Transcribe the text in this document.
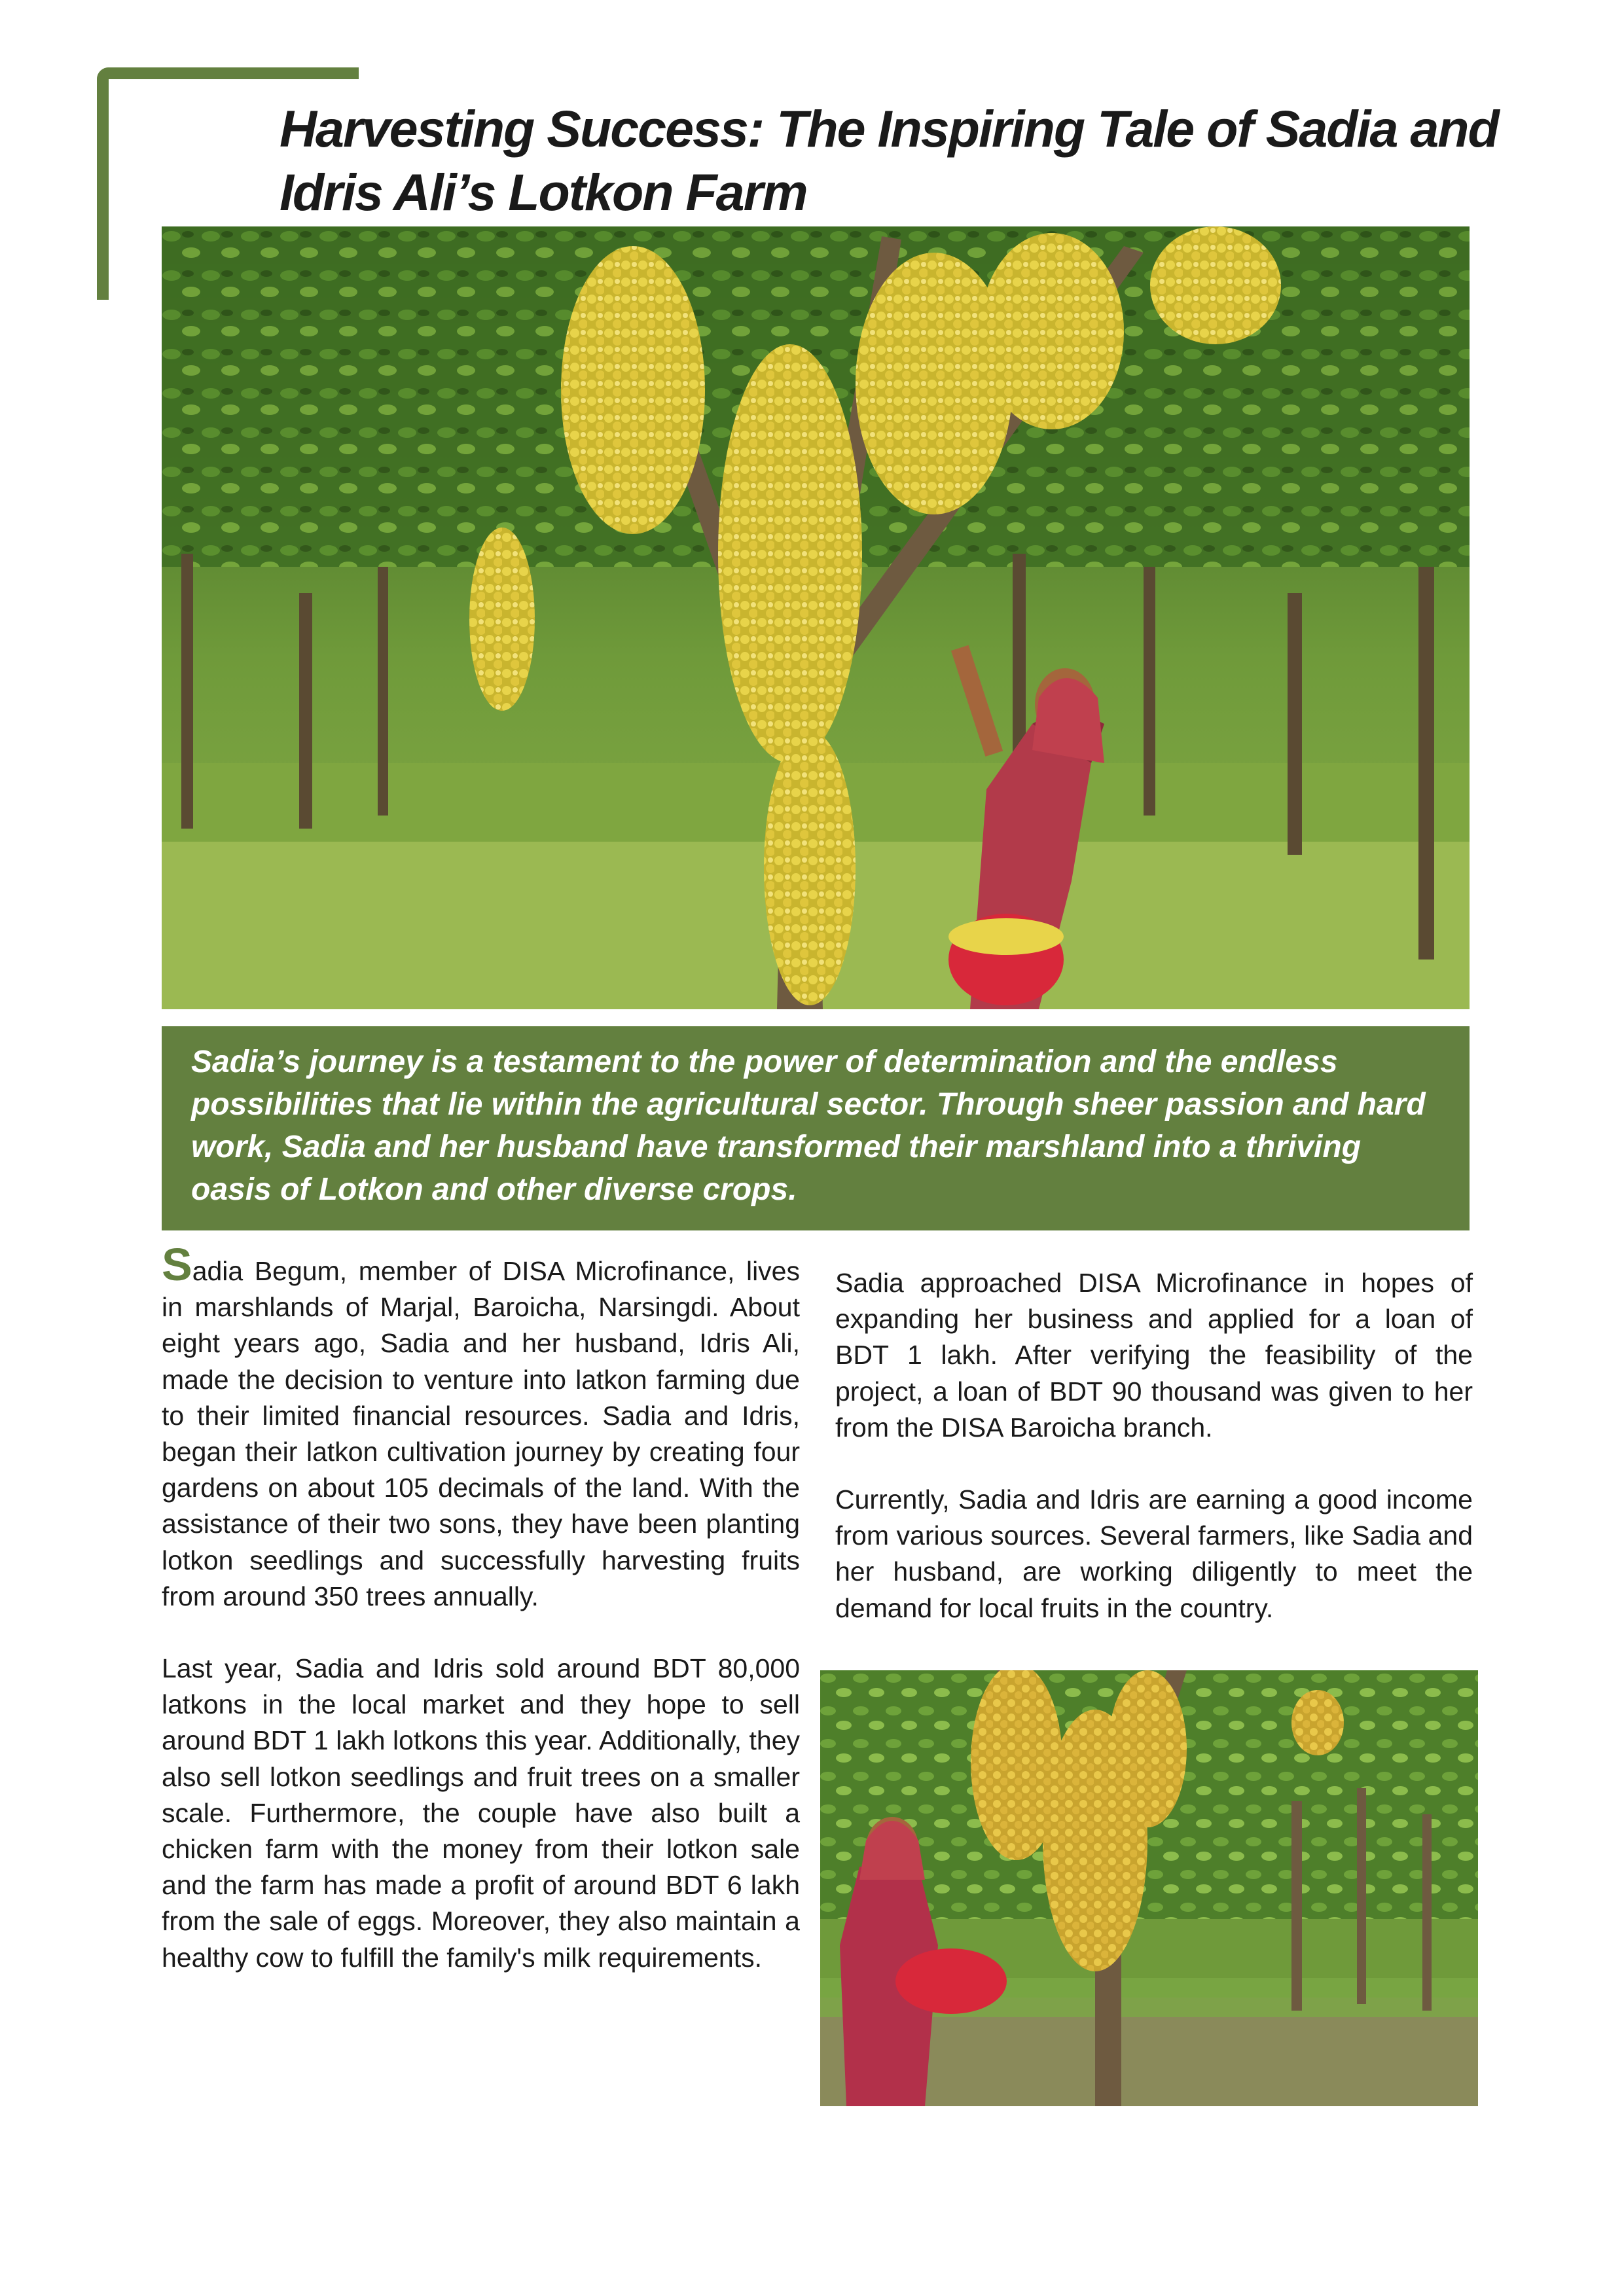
Harvesting Success: The Inspiring Tale of Sadia and Idris Ali’s Lotkon Farm

Sadia’s journey is a testament to the power of determination and the endless possibilities that lie within the agricultural sector. Through sheer passion and hard work, Sadia and her husband have transformed their marshland into a thriving oasis of Lotkon and other diverse crops.

Sadia Begum, member of DISA Microfinance, lives in marshlands of Marjal, Baroicha, Narsingdi. About eight years ago, Sadia and her husband, Idris Ali, made the decision to venture into latkon farming due to their limited financial resources. Sadia and Idris, began their latkon cultivation journey by creating four gardens on about 105 decimals of the land. With the assistance of their two sons, they have been planting lotkon seedlings and successfully harvesting fruits from around 350 trees annually.

Last year, Sadia and Idris sold around BDT 80,000 latkons in the local market and they hope to sell around BDT 1 lakh lotkons this year. Additionally, they also sell lotkon seedlings and fruit trees on a smaller scale. Furthermore, the couple have also built a chicken farm with the money from their lotkon sale and the farm has made a profit of around BDT 6 lakh from the sale of eggs. Moreover, they also maintain a healthy cow to fulfill the family's milk requirements.

Sadia approached DISA Microfinance in hopes of expanding her business and applied for a loan of BDT 1 lakh. After verifying the feasibility of the project, a loan of BDT 90 thousand was given to her from the DISA Baroicha branch.

Currently, Sadia and Idris are earning a good income from various sources. Several farmers, like Sadia and her husband, are working diligently to meet the demand for local fruits in the country.
